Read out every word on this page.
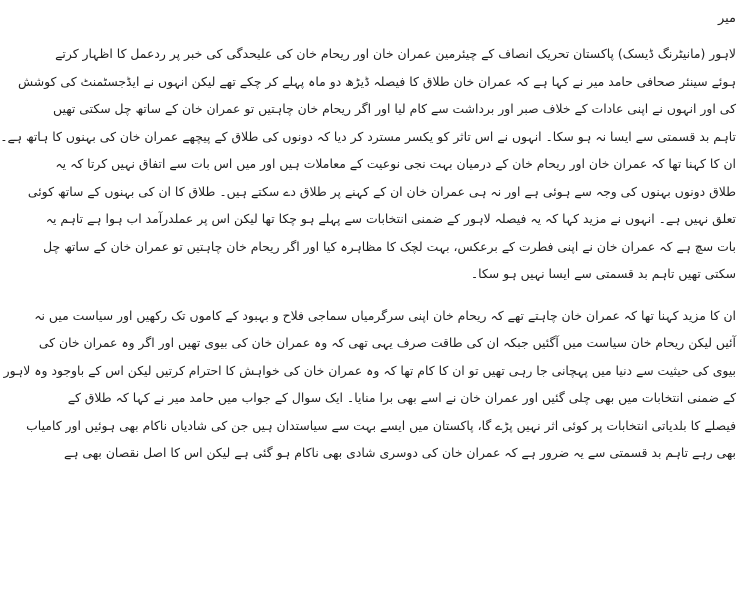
میر
لاہور (مانیٹرنگ ڈیسک) پاکستان تحریک انصاف کے چیئرمین عمران خان اور ریحام خان کی علیحدگی کی خبر پر ردعمل کا اظہار کرتے
ہوئے سینئر صحافی حامد میر نے کہا ہے کہ عمران خان طلاق کا فیصلہ ڈیڑھ دو ماہ پہلے کر چکے تھے لیکن انہوں نے ایڈجسٹمنٹ کی کوشش
کی اور انہوں نے اپنی عادات کے خلاف صبر اور برداشت سے کام لیا اور اگر ریحام خان چاہتیں تو عمران خان کے ساتھ چل سکتی تھیں
تاہم بد قسمتی سے ایسا نہ ہو سکا۔ انہوں نے اس تاثر کو یکسر مسترد کر دیا کہ دونوں کی طلاق کے پیچھے عمران خان کی بہنوں کا ہاتھ ہے۔
ان کا کہنا تھا کہ عمران خان اور ریحام خان کے درمیان بہت نجی نوعیت کے معاملات ہیں اور میں اس بات سے اتفاق نہیں کرتا کہ یہ
طلاق دونوں بہنوں کی وجہ سے ہوئی ہے اور نہ ہی عمران خان ان کے کہنے پر طلاق دے سکتے ہیں۔ طلاق کا ان کی بہنوں کے ساتھ کوئی
تعلق نہیں ہے۔ انہوں نے مزید کہا کہ یہ فیصلہ لاہور کے ضمنی انتخابات سے پہلے ہو چکا تھا لیکن اس پر عملدرآمد اب ہوا ہے تاہم یہ
بات سچ ہے کہ عمران خان نے اپنی فطرت کے برعکس، بہت لچک کا مظاہرہ کیا اور اگر ریحام خان چاہتیں تو عمران خان کے ساتھ چل
سکتی تھیں تاہم بد قسمتی سے ایسا نہیں ہو سکا۔
ان کا مزید کہنا تھا کہ عمران خان چاہتے تھے کہ ریحام خان اپنی سرگرمیاں سماجی فلاح و بہبود کے کاموں تک رکھیں اور سیاست میں نہ
آئیں لیکن ریحام خان سیاست میں آگئیں جبکہ ان کی طاقت صرف یہی تھی کہ وہ عمران خان کی بیوی تھیں اور اگر وہ عمران خان کی
بیوی کی حیثیت سے دنیا میں پہچانی جا رہی تھیں تو ان کا کام تھا کہ وہ عمران خان کی خواہش کا احترام کرتیں لیکن اس کے باوجود وہ لاہور
کے ضمنی انتخابات میں بھی چلی گئیں اور عمران خان نے اسے بھی برا منایا۔ ایک سوال کے جواب میں حامد میر نے کہا کہ طلاق کے
فیصلے کا بلدیاتی انتخابات پر کوئی اثر نہیں پڑے گا، پاکستان میں ایسے بہت سے سیاستدان ہیں جن کی شادیاں ناکام بھی ہوئیں اور کامیاب
بھی رہے تاہم بد قسمتی سے یہ ضرور ہے کہ عمران خان کی دوسری شادی بھی ناکام ہو گئی ہے لیکن اس کا اصل نقصان بھی ہے
